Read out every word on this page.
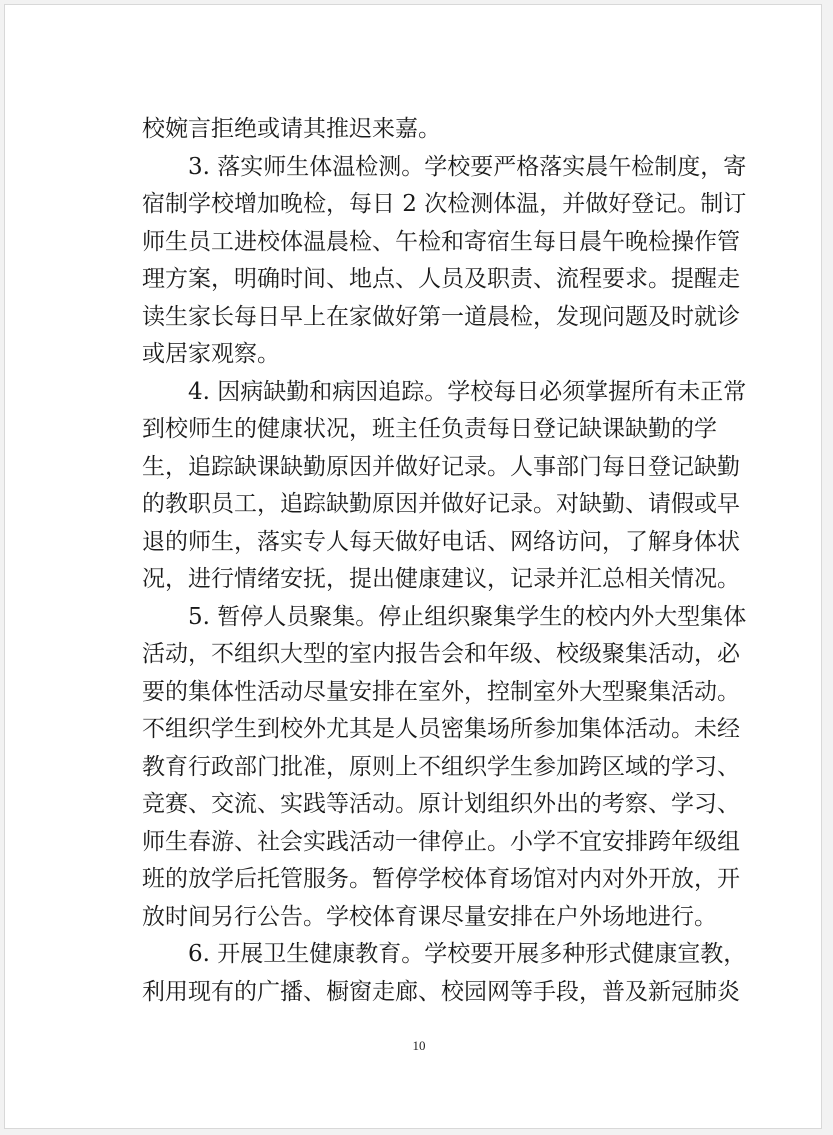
校婉言拒绝或请其推迟来嘉。
　　3. 落实师生体温检测。学校要严格落实晨午检制度，寄
宿制学校增加晚检，每日 2 次检测体温，并做好登记。制订
师生员工进校体温晨检、午检和寄宿生每日晨午晚检操作管
理方案，明确时间、地点、人员及职责、流程要求。提醒走
读生家长每日早上在家做好第一道晨检，发现问题及时就诊
或居家观察。
　　4. 因病缺勤和病因追踪。学校每日必须掌握所有未正常
到校师生的健康状况，班主任负责每日登记缺课缺勤的学
生，追踪缺课缺勤原因并做好记录。人事部门每日登记缺勤
的教职员工，追踪缺勤原因并做好记录。对缺勤、请假或早
退的师生，落实专人每天做好电话、网络访问，了解身体状
况，进行情绪安抚，提出健康建议，记录并汇总相关情况。
　　5. 暂停人员聚集。停止组织聚集学生的校内外大型集体
活动，不组织大型的室内报告会和年级、校级聚集活动，必
要的集体性活动尽量安排在室外，控制室外大型聚集活动。
不组织学生到校外尤其是人员密集场所参加集体活动。未经
教育行政部门批准，原则上不组织学生参加跨区域的学习、
竞赛、交流、实践等活动。原计划组织外出的考察、学习、
师生春游、社会实践活动一律停止。小学不宜安排跨年级组
班的放学后托管服务。暂停学校体育场馆对内对外开放，开
放时间另行公告。学校体育课尽量安排在户外场地进行。
　　6. 开展卫生健康教育。学校要开展多种形式健康宣教，
利用现有的广播、橱窗走廊、校园网等手段，普及新冠肺炎
10
